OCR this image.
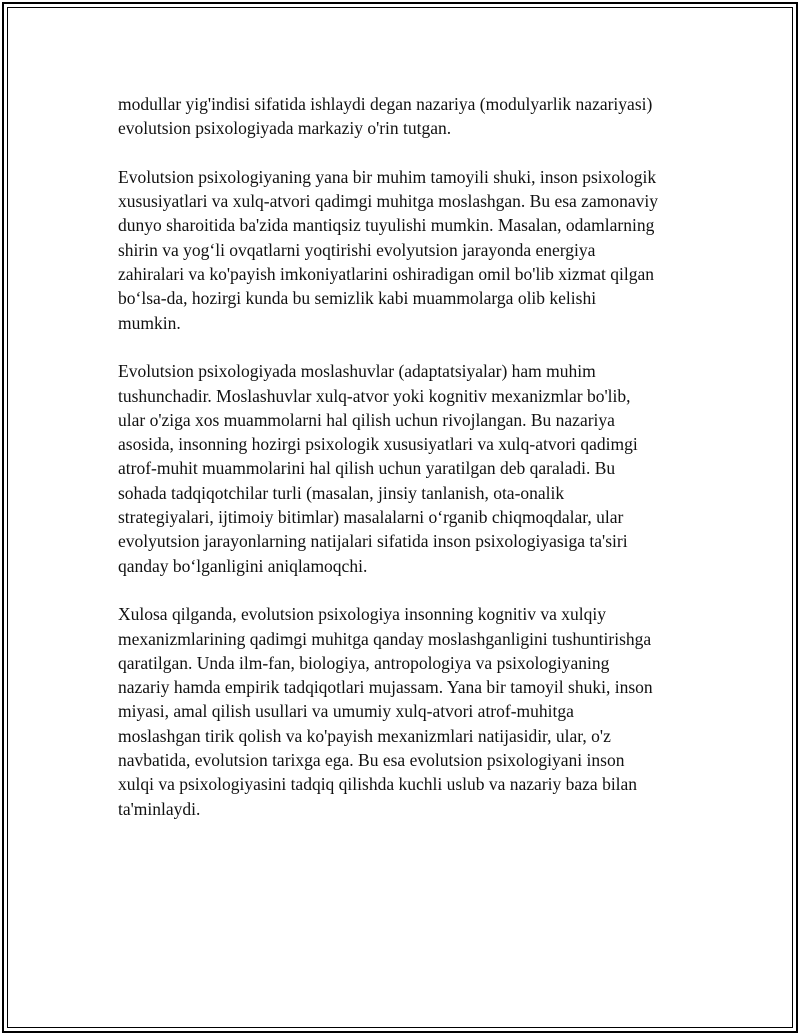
modullar yig'indisi sifatida ishlaydi degan nazariya (modulyarlik nazariyasi)
evolutsion psixologiyada markaziy o'rin tutgan.

Evolutsion psixologiyaning yana bir muhim tamoyili shuki, inson psixologik
xususiyatlari va xulq-atvori qadimgi muhitga moslashgan. Bu esa zamonaviy
dunyo sharoitida ba'zida mantiqsiz tuyulishi mumkin. Masalan, odamlarning
shirin va yog‘li ovqatlarni yoqtirishi evolyutsion jarayonda energiya
zahiralari va ko'payish imkoniyatlarini oshiradigan omil bo'lib xizmat qilgan
bo‘lsa-da, hozirgi kunda bu semizlik kabi muammolarga olib kelishi
mumkin.

Evolutsion psixologiyada moslashuvlar (adaptatsiyalar) ham muhim
tushunchadir. Moslashuvlar xulq-atvor yoki kognitiv mexanizmlar bo'lib,
ular o'ziga xos muammolarni hal qilish uchun rivojlangan. Bu nazariya
asosida, insonning hozirgi psixologik xususiyatlari va xulq-atvori qadimgi
atrof-muhit muammolarini hal qilish uchun yaratilgan deb qaraladi. Bu
sohada tadqiqotchilar turli (masalan, jinsiy tanlanish, ota-onalik
strategiyalari, ijtimoiy bitimlar) masalalarni o‘rganib chiqmoqdalar, ular
evolyutsion jarayonlarning natijalari sifatida inson psixologiyasiga ta'siri
qanday bo‘lganligini aniqlamoqchi.

Xulosa qilganda, evolutsion psixologiya insonning kognitiv va xulqiy
mexanizmlarining qadimgi muhitga qanday moslashganligini tushuntirishga
qaratilgan. Unda ilm-fan, biologiya, antropologiya va psixologiyaning
nazariy hamda empirik tadqiqotlari mujassam. Yana bir tamoyil shuki, inson
miyasi, amal qilish usullari va umumiy xulq-atvori atrof-muhitga
moslashgan tirik qolish va ko'payish mexanizmlari natijasidir, ular, o'z
navbatida, evolutsion tarixga ega. Bu esa evolutsion psixologiyani inson
xulqi va psixologiyasini tadqiq qilishda kuchli uslub va nazariy baza bilan
ta'minlaydi.
